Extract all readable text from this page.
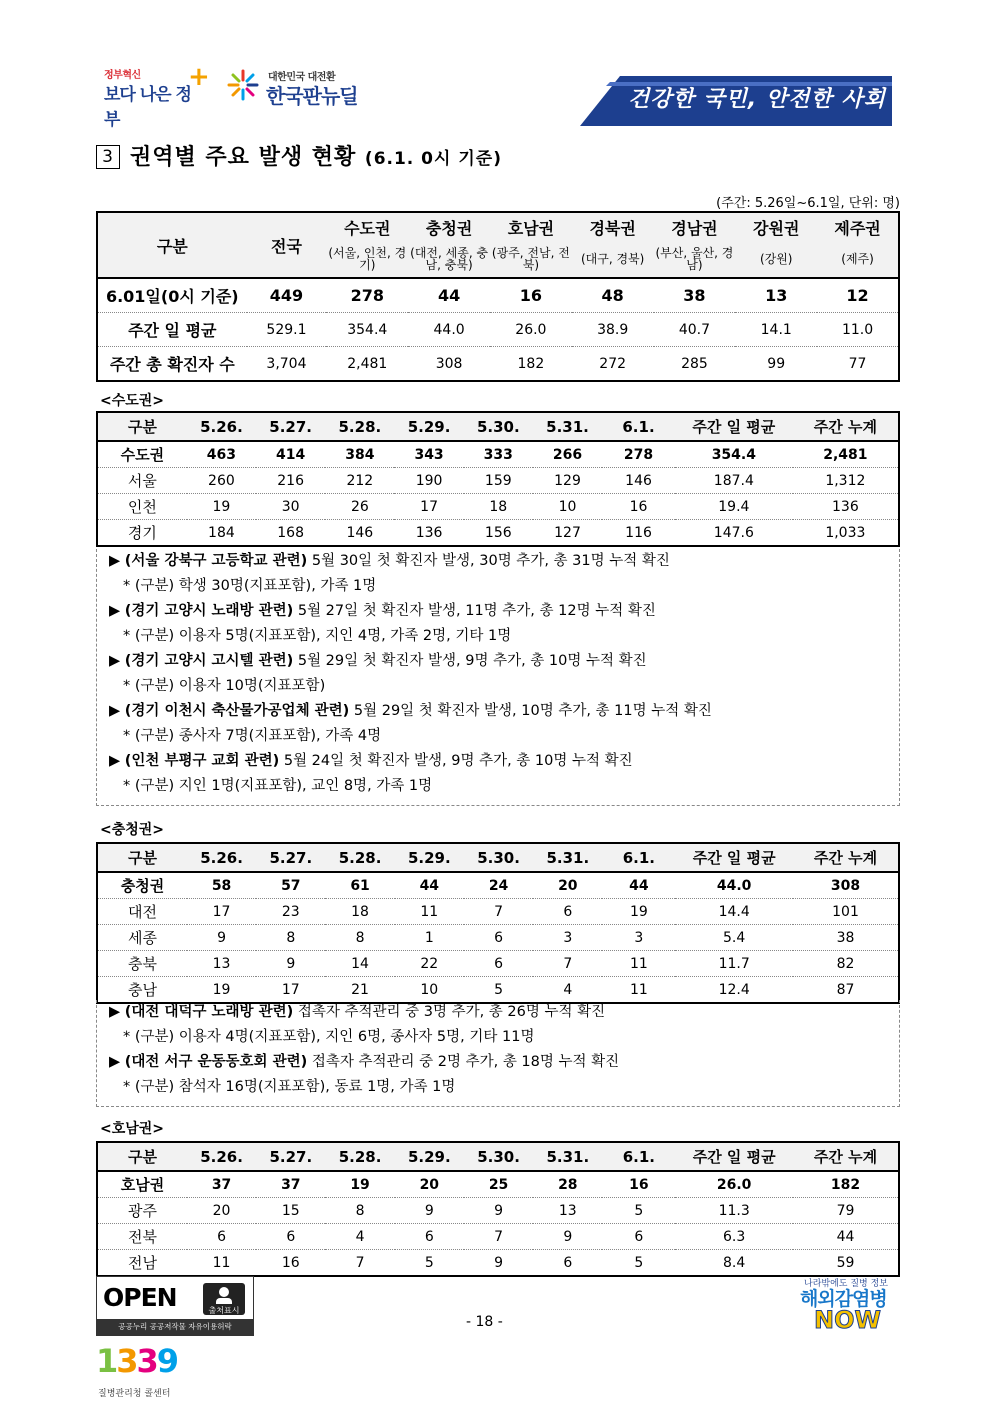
정부혁신
보다 나은 정부
+	대한민국 대전환
한국판뉴딜	건강한 국민, 안전한 사회
3 권역별 주요 발생 현황 (6.1. 0시 기준)
(주간: 5.26일~6.1일, 단위: 명)
구분	전국	수도권	충청권	호남권	경북권	경남권	강원권	제주권
		(서울, 인천, 경기)	(대전, 세종, 충남, 충북)	(광주, 전남, 전북)	(대구, 경북)	(부산, 울산, 경남)	(강원)	(제주)
6.01일(0시 기준)	449	278	44	16	48	38	13	12
주간 일 평균	529.1	354.4	44.0	26.0	38.9	40.7	14.1	11.0
주간 총 확진자 수	3,704	2,481	308	182	272	285	99	77
<수도권>
구분	5.26.	5.27.	5.28.	5.29.	5.30.	5.31.	6.1.	주간 일 평균	주간 누계
수도권	463	414	384	343	333	266	278	354.4	2,481
서울	260	216	212	190	159	129	146	187.4	1,312
인천	19	30	26	17	18	10	16	19.4	136
경기	184	168	146	136	156	127	116	147.6	1,033
▶ (서울 강북구 고등학교 관련) 5월 30일 첫 확진자 발생, 30명 추가, 총 31명 누적 확진
* (구분) 학생 30명(지표포함), 가족 1명
▶ (경기 고양시 노래방 관련) 5월 27일 첫 확진자 발생, 11명 추가, 총 12명 누적 확진
* (구분) 이용자 5명(지표포함), 지인 4명, 가족 2명, 기타 1명
▶ (경기 고양시 고시텔 관련) 5월 29일 첫 확진자 발생, 9명 추가, 총 10명 누적 확진
* (구분) 이용자 10명(지표포함)
▶ (경기 이천시 축산물가공업체 관련) 5월 29일 첫 확진자 발생, 10명 추가, 총 11명 누적 확진
* (구분) 종사자 7명(지표포함), 가족 4명
▶ (인천 부평구 교회 관련) 5월 24일 첫 확진자 발생, 9명 추가, 총 10명 누적 확진
* (구분) 지인 1명(지표포함), 교인 8명, 가족 1명
<충청권>
구분	5.26.	5.27.	5.28.	5.29.	5.30.	5.31.	6.1.	주간 일 평균	주간 누계
충청권	58	57	61	44	24	20	44	44.0	308
대전	17	23	18	11	7	6	19	14.4	101
세종	9	8	8	1	6	3	3	5.4	38
충북	13	9	14	22	6	7	11	11.7	82
충남	19	17	21	10	5	4	11	12.4	87
▶ (대전 대덕구 노래방 관련) 접촉자 추적관리 중 3명 추가, 총 26명 누적 확진
* (구분) 이용자 4명(지표포함), 지인 6명, 종사자 5명, 기타 11명
▶ (대전 서구 운동동호회 관련) 접촉자 추적관리 중 2명 추가, 총 18명 누적 확진
* (구분) 참석자 16명(지표포함), 동료 1명, 가족 1명
<호남권>
구분	5.26.	5.27.	5.28.	5.29.	5.30.	5.31.	6.1.	주간 일 평균	주간 누계
호남권	37	37	19	20	25	28	16	26.0	182
광주	20	15	8	9	9	13	5	11.3	79
전북	6	6	4	6	7	9	6	6.3	44
전남	11	16	7	5	9	6	5	8.4	59
OPEN	출처표시
공공누리 공공저작물 자유이용허락	- 18 -
나라밖에도 질병 정보
해외감염병
NOW
1339
질병관리청 콜센터
